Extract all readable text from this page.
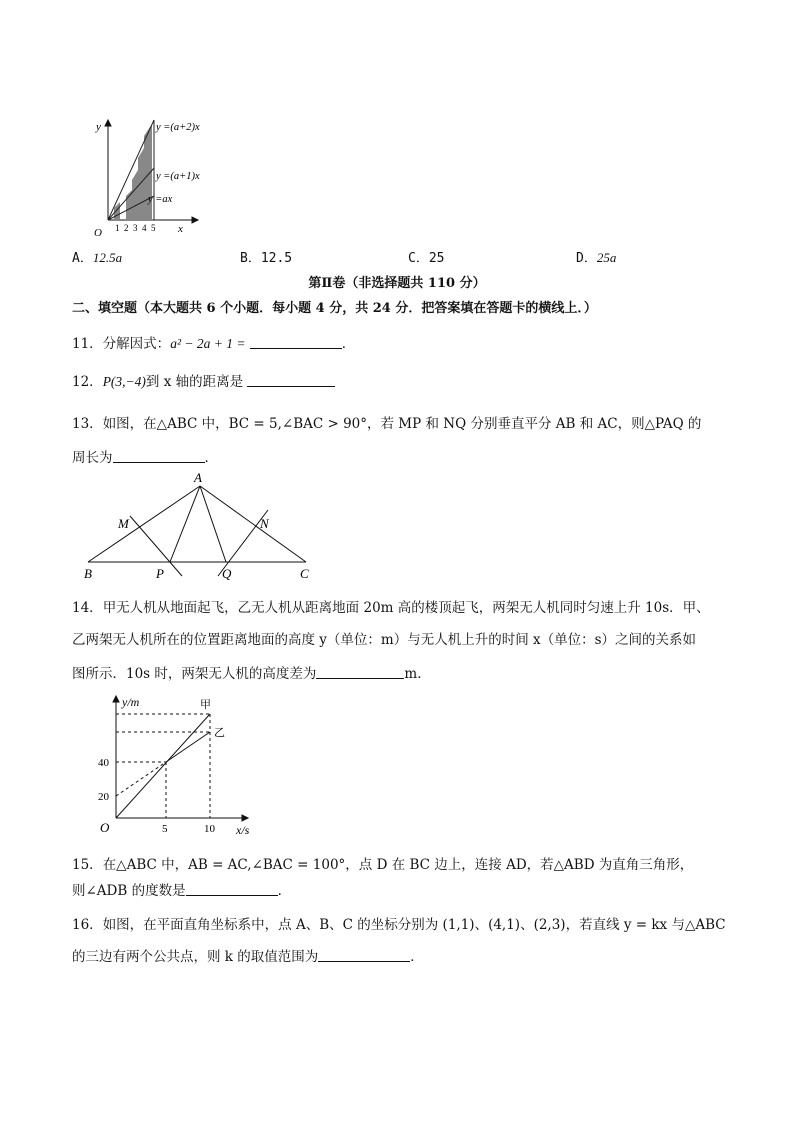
y
x
O
y =(a+2)x
y =(a+1)x
y =ax
1 2 3 4 5
A．12.5a	B．12.5	C．25	D．25a
第Ⅱ卷（非选择题共 110 分）
二、填空题（本大题共 6 个小题．每小题 4 分，共 24 分．把答案填在答题卡的横线上．）
11．分解因式：a² − 2a + 1 =	．
12．P(3,−4)到 x 轴的距离是
13．如图，在△ABC 中，BC = 5,∠BAC > 90°，若 MP 和 NQ 分别垂直平分 AB 和 AC，则△PAQ 的
周长为	．
A
B	C
M	N
P	Q
14．甲无人机从地面起飞，乙无人机从距离地面 20m 高的楼顶起飞，两架无人机同时匀速上升 10s．甲、
乙两架无人机所在的位置距离地面的高度 y（单位：m）与无人机上升的时间 x（单位：s）之间的关系如
图所示．10s 时，两架无人机的高度差为	m．
y/m
x/s
O
20
40
5	10
甲
乙
15．在△ABC 中，AB = AC,∠BAC = 100°，点 D 在 BC 边上，连接 AD，若△ABD 为直角三角形，
则∠ADB 的度数是	．
16．如图，在平面直角坐标系中，点 A、B、C 的坐标分别为 (1,1)、(4,1)、(2,3)，若直线 y = kx 与△ABC
的三边有两个公共点，则 k 的取值范围为	．
